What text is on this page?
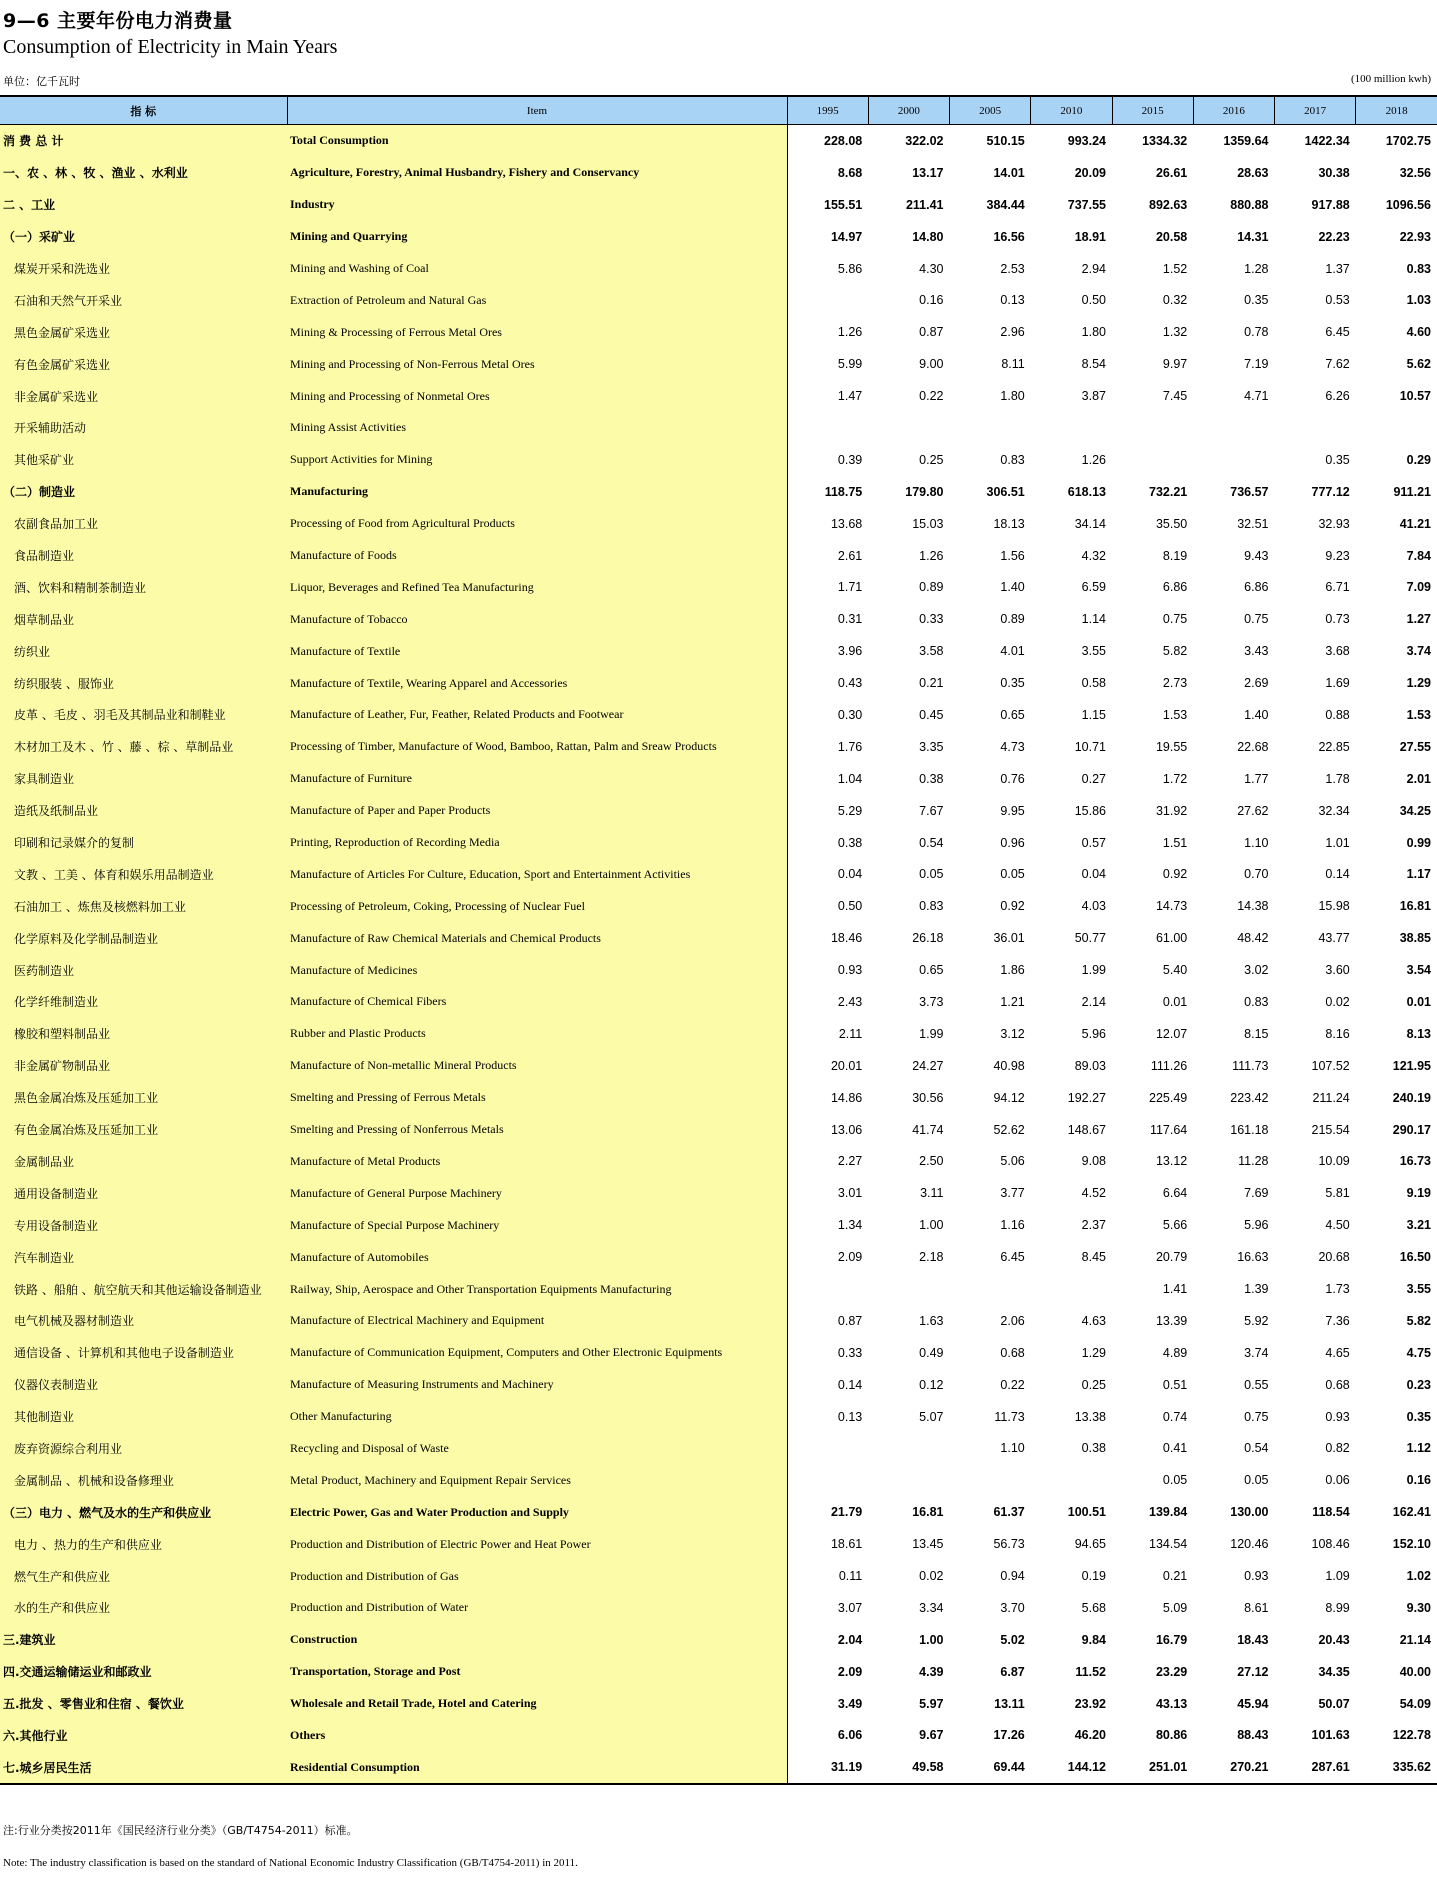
9—6 主要年份电力消费量
Consumption of Electricity in Main Years
单位：亿千瓦时	(100 million kwh)
指 标	Item	1995	2000	2005	2010	2015	2016	2017	2018
消 费 总 计	Total Consumption	228.08	322.02	510.15	993.24	1334.32	1359.64	1422.34	1702.75
一、农 、林 、牧 、渔业 、水利业	Agriculture, Forestry, Animal Husbandry, Fishery and Conservancy	8.68	13.17	14.01	20.09	26.61	28.63	30.38	32.56
二 、工业	Industry	155.51	211.41	384.44	737.55	892.63	880.88	917.88	1096.56
（一）采矿业	Mining and Quarrying	14.97	14.80	16.56	18.91	20.58	14.31	22.23	22.93
煤炭开采和洗选业	Mining and Washing of Coal	5.86	4.30	2.53	2.94	1.52	1.28	1.37	0.83
石油和天然气开采业	Extraction of Petroleum and Natural Gas		0.16	0.13	0.50	0.32	0.35	0.53	1.03
黑色金属矿采选业	Mining & Processing of Ferrous Metal Ores	1.26	0.87	2.96	1.80	1.32	0.78	6.45	4.60
有色金属矿采选业	Mining and Processing of Non-Ferrous Metal Ores	5.99	9.00	8.11	8.54	9.97	7.19	7.62	5.62
非金属矿采选业	Mining and Processing of Nonmetal Ores	1.47	0.22	1.80	3.87	7.45	4.71	6.26	10.57
开采辅助活动	Mining Assist Activities								
其他采矿业	Support Activities for Mining	0.39	0.25	0.83	1.26			0.35	0.29
（二）制造业	Manufacturing	118.75	179.80	306.51	618.13	732.21	736.57	777.12	911.21
农副食品加工业	Processing of Food from Agricultural Products	13.68	15.03	18.13	34.14	35.50	32.51	32.93	41.21
食品制造业	Manufacture of Foods	2.61	1.26	1.56	4.32	8.19	9.43	9.23	7.84
酒、饮料和精制茶制造业	Liquor, Beverages and Refined Tea Manufacturing	1.71	0.89	1.40	6.59	6.86	6.86	6.71	7.09
烟草制品业	Manufacture of Tobacco	0.31	0.33	0.89	1.14	0.75	0.75	0.73	1.27
纺织业	Manufacture of Textile	3.96	3.58	4.01	3.55	5.82	3.43	3.68	3.74
纺织服装 、服饰业	Manufacture of Textile, Wearing Apparel and Accessories	0.43	0.21	0.35	0.58	2.73	2.69	1.69	1.29
皮革 、毛皮 、羽毛及其制品业和制鞋业	Manufacture of Leather, Fur, Feather, Related Products and Footwear	0.30	0.45	0.65	1.15	1.53	1.40	0.88	1.53
木材加工及木 、竹 、藤 、棕 、草制品业	Processing of Timber, Manufacture of Wood, Bamboo, Rattan, Palm and Sreaw Products	1.76	3.35	4.73	10.71	19.55	22.68	22.85	27.55
家具制造业	Manufacture of Furniture	1.04	0.38	0.76	0.27	1.72	1.77	1.78	2.01
造纸及纸制品业	Manufacture of Paper and Paper Products	5.29	7.67	9.95	15.86	31.92	27.62	32.34	34.25
印刷和记录媒介的复制	Printing, Reproduction of Recording Media	0.38	0.54	0.96	0.57	1.51	1.10	1.01	0.99
文教 、工美 、体育和娱乐用品制造业	Manufacture of Articles For Culture, Education, Sport and Entertainment Activities	0.04	0.05	0.05	0.04	0.92	0.70	0.14	1.17
石油加工 、炼焦及核燃料加工业	Processing of Petroleum, Coking, Processing of Nuclear Fuel	0.50	0.83	0.92	4.03	14.73	14.38	15.98	16.81
化学原料及化学制品制造业	Manufacture of Raw Chemical Materials and Chemical Products	18.46	26.18	36.01	50.77	61.00	48.42	43.77	38.85
医药制造业	Manufacture of Medicines	0.93	0.65	1.86	1.99	5.40	3.02	3.60	3.54
化学纤维制造业	Manufacture of Chemical Fibers	2.43	3.73	1.21	2.14	0.01	0.83	0.02	0.01
橡胶和塑料制品业	Rubber and Plastic Products	2.11	1.99	3.12	5.96	12.07	8.15	8.16	8.13
非金属矿物制品业	Manufacture of Non-metallic Mineral Products	20.01	24.27	40.98	89.03	111.26	111.73	107.52	121.95
黑色金属冶炼及压延加工业	Smelting and Pressing of Ferrous Metals	14.86	30.56	94.12	192.27	225.49	223.42	211.24	240.19
有色金属冶炼及压延加工业	Smelting and Pressing of Nonferrous Metals	13.06	41.74	52.62	148.67	117.64	161.18	215.54	290.17
金属制品业	Manufacture of Metal Products	2.27	2.50	5.06	9.08	13.12	11.28	10.09	16.73
通用设备制造业	Manufacture of General Purpose Machinery	3.01	3.11	3.77	4.52	6.64	7.69	5.81	9.19
专用设备制造业	Manufacture of Special Purpose Machinery	1.34	1.00	1.16	2.37	5.66	5.96	4.50	3.21
汽车制造业	Manufacture of Automobiles	2.09	2.18	6.45	8.45	20.79	16.63	20.68	16.50
铁路 、船舶 、航空航天和其他运输设备制造业	Railway, Ship, Aerospace and Other Transportation Equipments Manufacturing					1.41	1.39	1.73	3.55
电气机械及器材制造业	Manufacture of Electrical Machinery and Equipment	0.87	1.63	2.06	4.63	13.39	5.92	7.36	5.82
通信设备 、计算机和其他电子设备制造业	Manufacture of Communication Equipment, Computers and Other Electronic Equipments	0.33	0.49	0.68	1.29	4.89	3.74	4.65	4.75
仪器仪表制造业	Manufacture of Measuring Instruments and Machinery	0.14	0.12	0.22	0.25	0.51	0.55	0.68	0.23
其他制造业	Other Manufacturing	0.13	5.07	11.73	13.38	0.74	0.75	0.93	0.35
废弃资源综合利用业	Recycling and Disposal of Waste			1.10	0.38	0.41	0.54	0.82	1.12
金属制品 、机械和设备修理业	Metal Product, Machinery and Equipment Repair Services					0.05	0.05	0.06	0.16
（三）电力 、燃气及水的生产和供应业	Electric Power, Gas and Water Production and Supply	21.79	16.81	61.37	100.51	139.84	130.00	118.54	162.41
电力 、热力的生产和供应业	Production and Distribution of Electric Power and Heat Power	18.61	13.45	56.73	94.65	134.54	120.46	108.46	152.10
燃气生产和供应业	Production and Distribution of Gas	0.11	0.02	0.94	0.19	0.21	0.93	1.09	1.02
水的生产和供应业	Production and Distribution of Water	3.07	3.34	3.70	5.68	5.09	8.61	8.99	9.30
三.建筑业	Construction	2.04	1.00	5.02	9.84	16.79	18.43	20.43	21.14
四.交通运输储运业和邮政业	Transportation, Storage and Post	2.09	4.39	6.87	11.52	23.29	27.12	34.35	40.00
五.批发 、零售业和住宿 、餐饮业	Wholesale and Retail Trade, Hotel and Catering	3.49	5.97	13.11	23.92	43.13	45.94	50.07	54.09
六.其他行业	Others	6.06	9.67	17.26	46.20	80.86	88.43	101.63	122.78
七.城乡居民生活	Residential Consumption	31.19	49.58	69.44	144.12	251.01	270.21	287.61	335.62
注:行业分类按2011年《国民经济行业分类》（GB/T4754-2011）标准。
Note: The industry classification is based on the standard of National Economic Industry Classification (GB/T4754-2011) in 2011.
